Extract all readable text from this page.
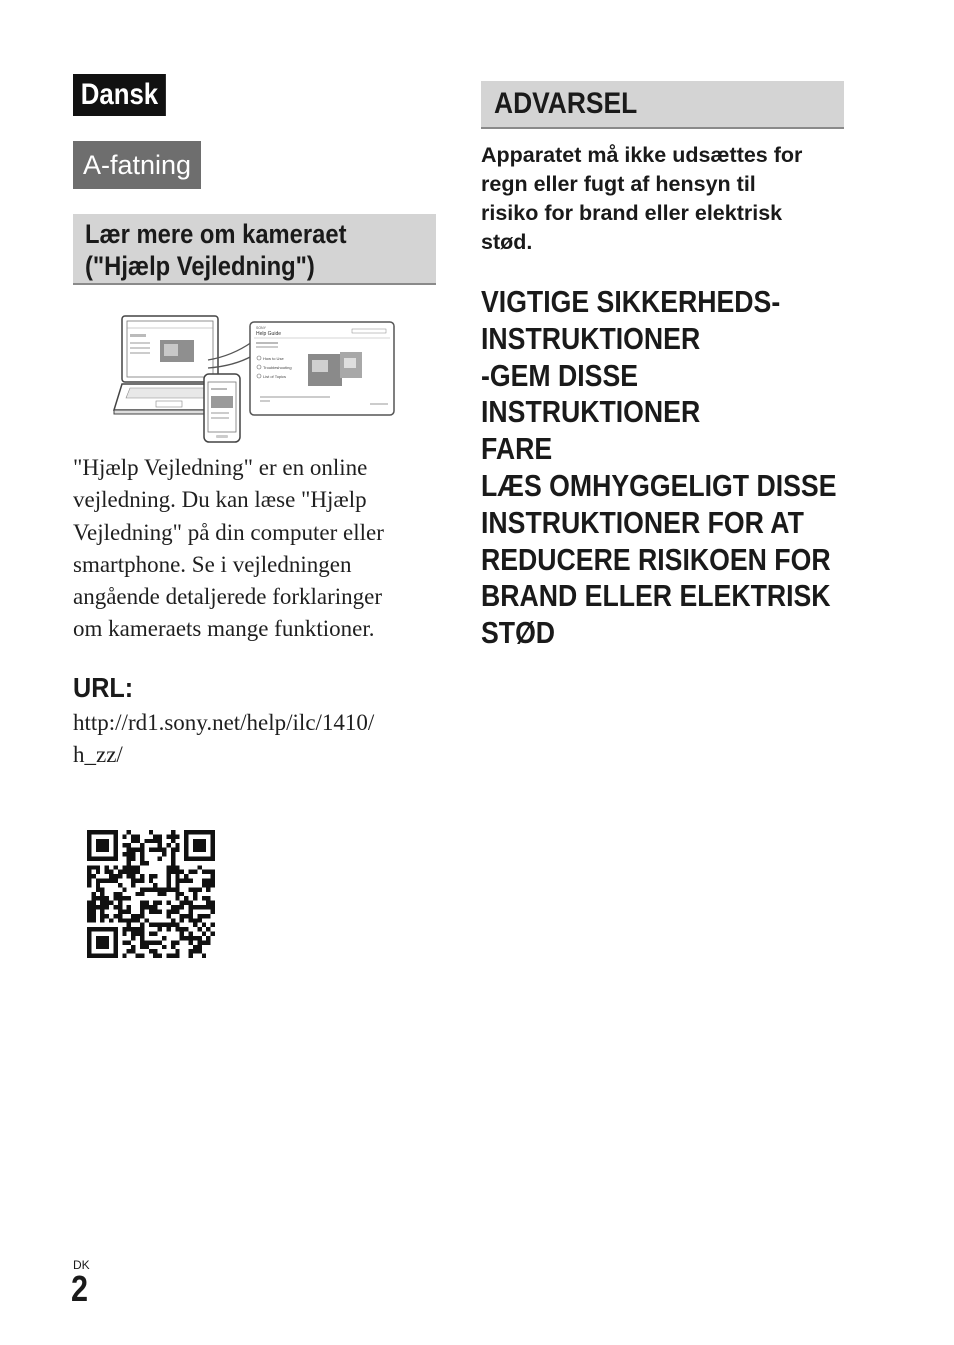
Dansk
A-fatning
Lær mere om kameraet
("Hjælp Vejledning")
SONY
Help Guide
How to Use
Troubleshooting
List of Topics
"Hjælp Vejledning" er en online
vejledning. Du kan læse "Hjælp
Vejledning" på din computer eller
smartphone. Se i vejledningen
angående detaljerede forklaringer
om kameraets mange funktioner.
URL:
http://rd1.sony.net/help/ilc/1410/
h_zz/
ADVARSEL
Apparatet må ikke udsættes for
regn eller fugt af hensyn til
risiko for brand eller elektrisk
stød.
VIGTIGE SIKKERHEDS-
INSTRUKTIONER
-GEM DISSE
INSTRUKTIONER
FARE
LÆS OMHYGGELIGT DISSE
INSTRUKTIONER FOR AT
REDUCERE RISIKOEN FOR
BRAND ELLER ELEKTRISK
STØD
DK
2
